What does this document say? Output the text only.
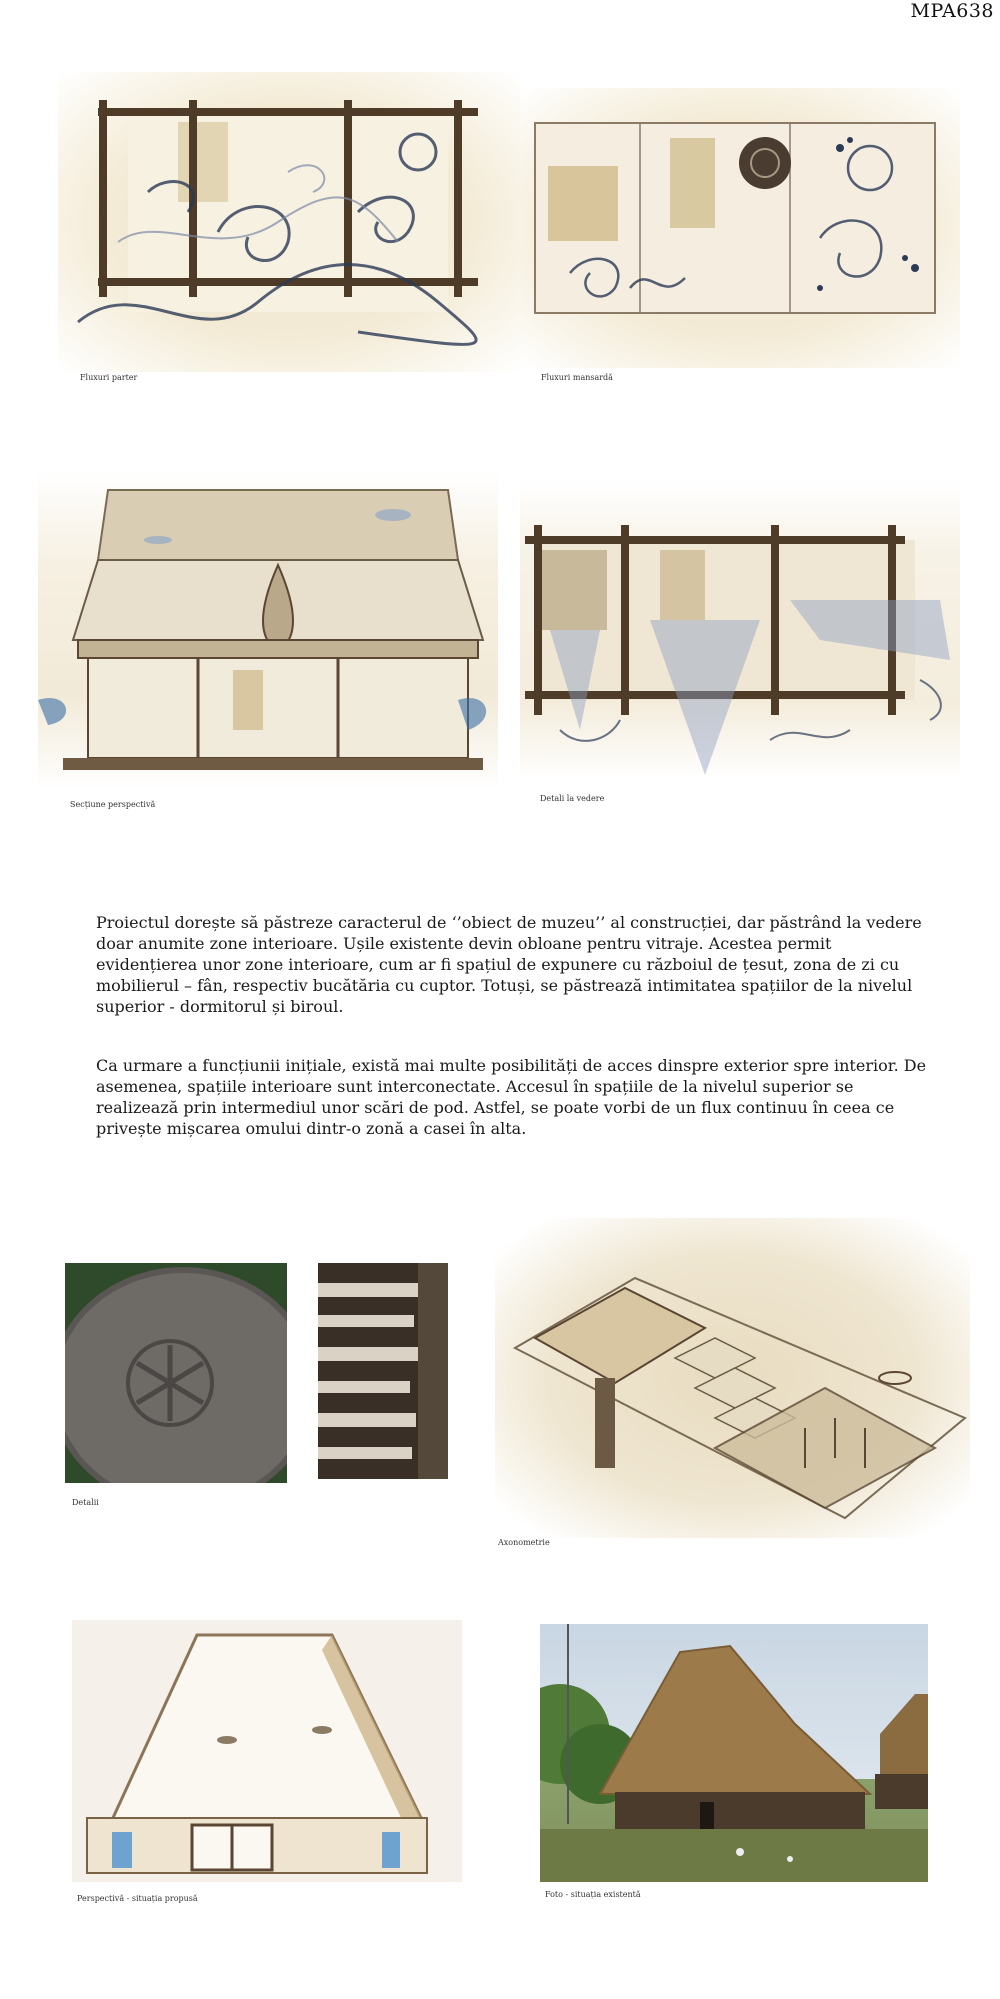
MPA638
Fluxuri parter	Fluxuri mansardă
Secțiune perspectivă
Detali la vedere

Proiectul dorește să păstreze caracterul de ‘’obiect de muzeu’’ al construcției, dar păstrând la vedere doar anumite zone interioare. Ușile existente devin obloane pentru vitraje. Acestea permit evidențierea unor zone interioare, cum ar fi spațiul de expunere cu războiul de țesut, zona de zi cu mobilierul – fân, respectiv bucătăria cu cuptor. Totuși, se păstrează intimitatea spațiilor de la nivelul superior - dormitorul și biroul.

Ca urmare a funcțiunii inițiale, există mai multe posibilități de acces dinspre exterior spre interior. De asemenea, spațiile interioare sunt interconectate. Accesul în spațiile de la nivelul superior se realizează prin intermediul unor scări de pod. Astfel, se poate vorbi de un flux continuu în ceea ce privește mișcarea omului dintr-o zonă a casei în alta.

Detalii
Axonometrie
Perspectivă - situația propusă	Foto - situația existentă
